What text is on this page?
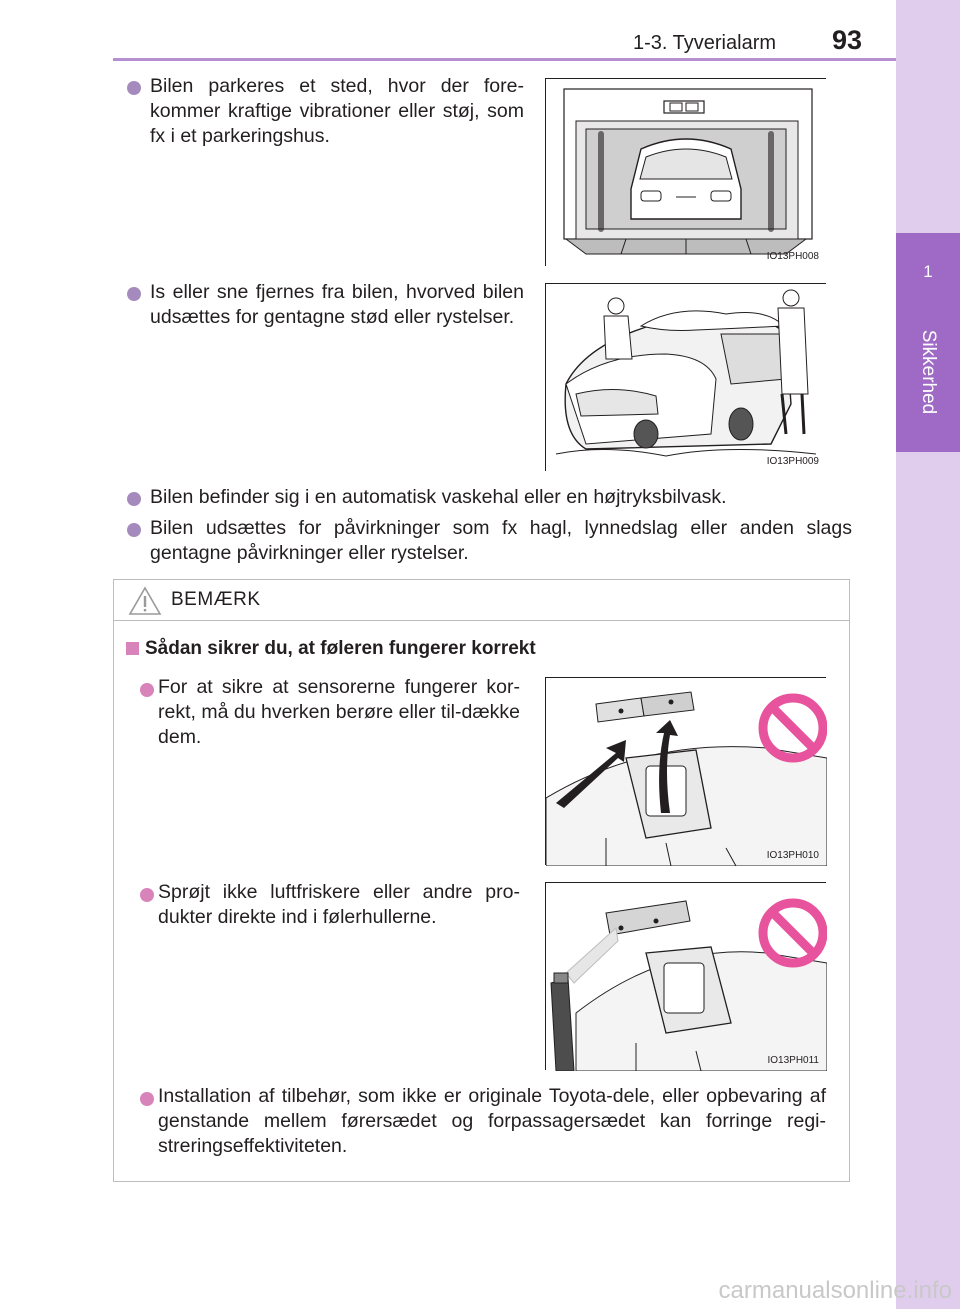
1-3. Tyverialarm 93
1
Sikkerhed
Bilen parkeres et sted, hvor der fore-kommer kraftige vibrationer eller støj, som fx i et parkeringshus.
IO13PH008
Is eller sne fjernes fra bilen, hvorved bilen udsættes for gentagne stød eller rystelser.
IO13PH009
Bilen befinder sig i en automatisk vaskehal eller en højtryksbilvask.
Bilen udsættes for påvirkninger som fx hagl, lynnedslag eller anden slags gentagne påvirkninger eller rystelser.
BEMÆRK
Sådan sikrer du, at føleren fungerer korrekt
For at sikre at sensorerne fungerer kor-rekt, må du hverken berøre eller til-dække dem.
IO13PH010
Sprøjt ikke luftfriskere eller andre pro-dukter direkte ind i følerhullerne.
IO13PH011
Installation af tilbehør, som ikke er originale Toyota-dele, eller opbevaring af genstande mellem førersædet og forpassagersædet kan forringe regi-streringseffektiviteten.
carmanualsonline.info
